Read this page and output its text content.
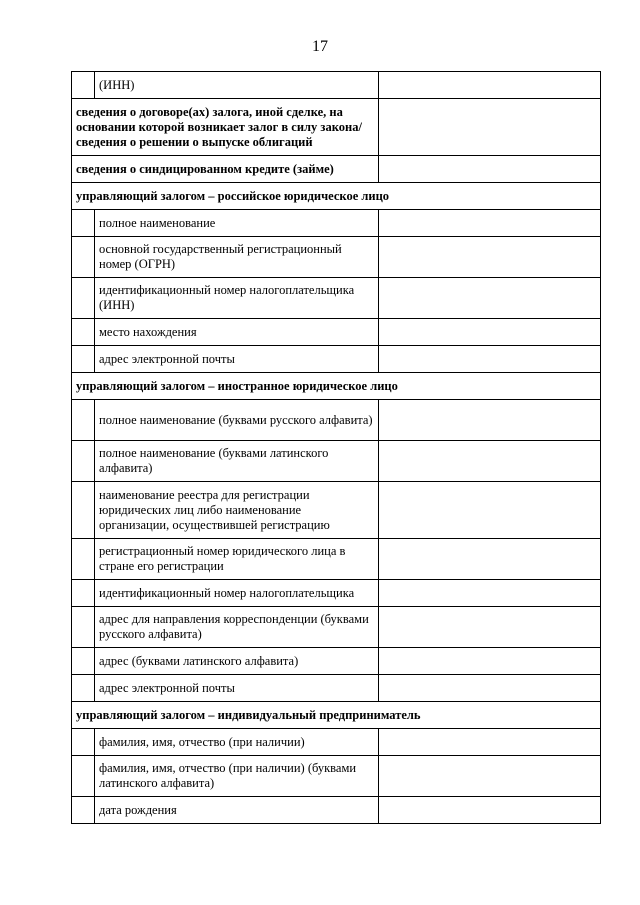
17
	(ИНН)	
сведения о договоре(ах) залога, иной сделке, на основании которой возникает залог в силу закона/сведения о решении о выпуске облигаций		
сведения о синдицированном кредите (займе)		
управляющий залогом – российское юридическое лицо		
	полное наименование	
	основной государственный регистрационный номер (ОГРН)	
	идентификационный номер налогоплательщика (ИНН)	
	место нахождения	
	адрес электронной почты	
управляющий залогом – иностранное юридическое лицо		
	полное наименование (буквами русского алфавита)	
	полное наименование (буквами латинского алфавита)	
	наименование реестра для регистрации юридических лиц либо наименование организации, осуществившей регистрацию	
	регистрационный номер юридического лица в стране его регистрации	
	идентификационный номер налогоплательщика	
	адрес для направления корреспонденции (буквами русского алфавита)	
	адрес (буквами латинского алфавита)	
	адрес электронной почты	
управляющий залогом – индивидуальный предприниматель		
	фамилия, имя, отчество (при наличии)	
	фамилия, имя, отчество (при наличии) (буквами латинского алфавита)	
	дата рождения	
